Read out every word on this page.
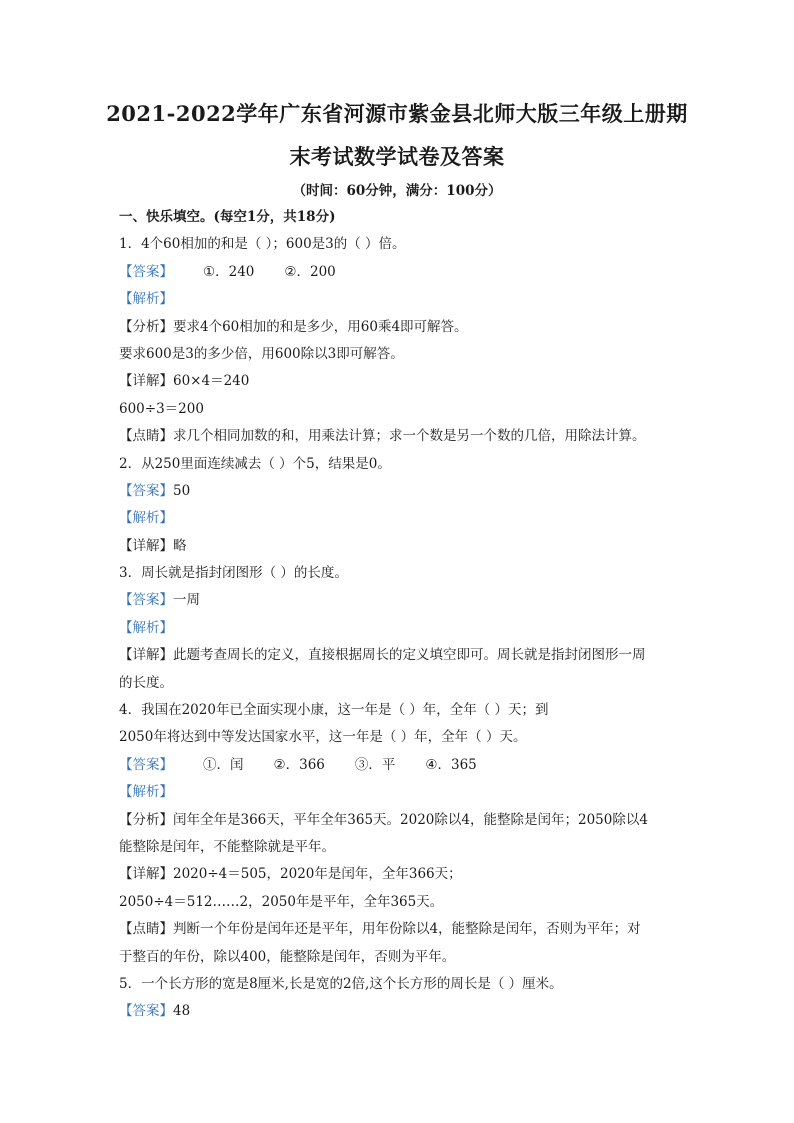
2021-2022学年广东省河源市紫金县北师大版三年级上册期
末考试数学试卷及答案
（时间：60分钟，满分：100分）
一、快乐填空。(每空1分，共18分)
1．4个60相加的和是（ ）；600是3的（ ）倍。
【答案】 ①．240 ②．200
【解析】
【分析】要求4个60相加的和是多少，用60乘4即可解答。
要求600是3的多少倍，用600除以3即可解答。
【详解】60×4＝240
600÷3＝200
【点睛】求几个相同加数的和，用乘法计算；求一个数是另一个数的几倍，用除法计算。
2．从250里面连续减去（ ）个5，结果是0。
【答案】50
【解析】
【详解】略
3．周长就是指封闭图形（ ）的长度。
【答案】一周
【解析】
【详解】此题考查周长的定义，直接根据周长的定义填空即可。周长就是指封闭图形一周
的长度。
4．我国在2020年已全面实现小康，这一年是（ ）年，全年（ ）天；到
2050年将达到中等发达国家水平，这一年是（ ）年，全年（ ）天。
【答案】 ①．闰 ②．366 ③．平 ④．365
【解析】
【分析】闰年全年是366天，平年全年365天。2020除以4，能整除是闰年；2050除以4
能整除是闰年，不能整除就是平年。
【详解】2020÷4＝505，2020年是闰年，全年366天；
2050÷4＝512……2，2050年是平年，全年365天。
【点睛】判断一个年份是闰年还是平年，用年份除以4，能整除是闰年，否则为平年；对
于整百的年份，除以400，能整除是闰年，否则为平年。
5．一个长方形的宽是8厘米,长是宽的2倍,这个长方形的周长是（ ）厘米。
【答案】48
